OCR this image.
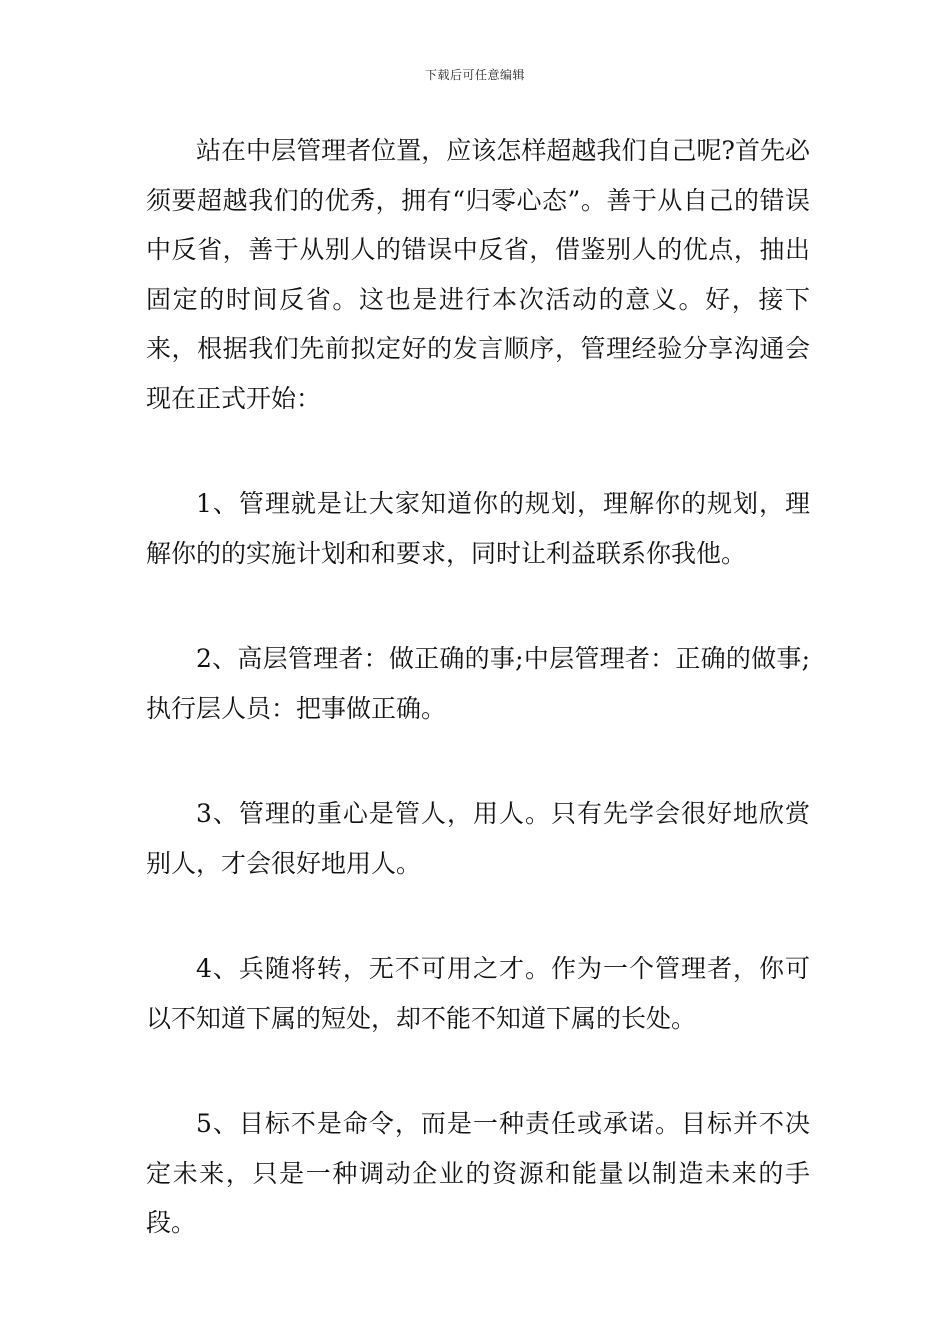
下载后可任意编辑

站在中层管理者位置，应该怎样超越我们自己呢?首先必须要超越我们的优秀，拥有“归零心态”。善于从自己的错误中反省，善于从别人的错误中反省，借鉴别人的优点，抽出固定的时间反省。这也是进行本次活动的意义。好，接下来，根据我们先前拟定好的发言顺序，管理经验分享沟通会现在正式开始：

1、管理就是让大家知道你的规划，理解你的规划，理解你的的实施计划和和要求，同时让利益联系你我他。

2、高层管理者：做正确的事;中层管理者：正确的做事;执行层人员：把事做正确。

3、管理的重心是管人，用人。只有先学会很好地欣赏别人，才会很好地用人。

4、兵随将转，无不可用之才。作为一个管理者，你可以不知道下属的短处，却不能不知道下属的长处。

5、目标不是命令，而是一种责任或承诺。目标并不决定未来，只是一种调动企业的资源和能量以制造未来的手段。
